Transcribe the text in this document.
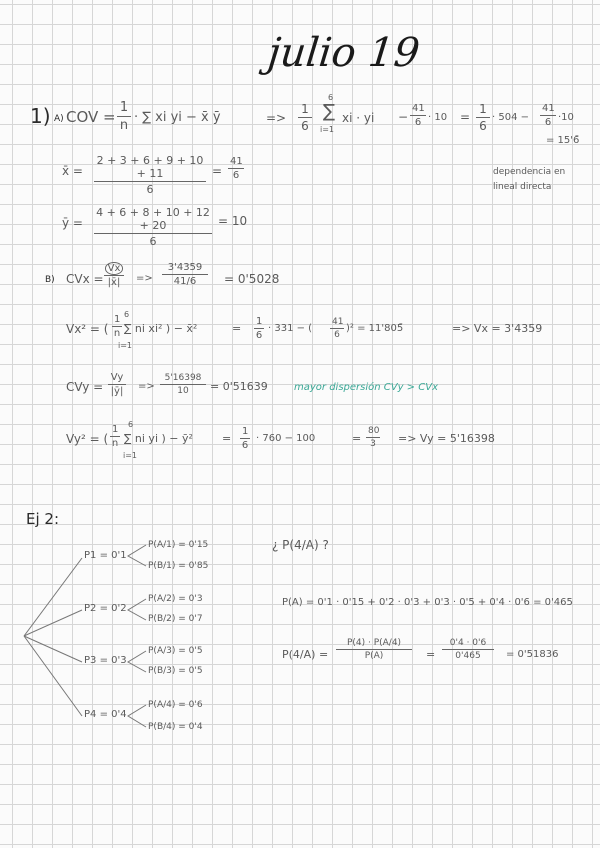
julio 19
1) A) COV =
1
n
· ∑ xi yi − x̄ ȳ	=>
1
6
6
∑
i=1
xi · yi −
41
6 · 10 =
1
6
· 504 −
41
6 ·10
= 15'6̄
x̄ =
2 + 3 + 6 + 9 + 10 + 11
6
=
41
6	dependencia en
lineal directa
ȳ =
4 + 6 + 8 + 10 + 12 + 20
6
= 10
B) CVx = $\frac{Vx}{|x̄|}$ =>
3'4359
41/6	= 0'5028
Vx² = (
1
n
6
i=1
∑ ni xi² ) − x̄²	=
1
6
· 331 − (
41
6
)² = 11'805̄	=> Vx = 3'4359
CVy =
Vy
|ȳ| =>
5'16398
10	= 0'51639	mayor dispersión CVy > CVx
Vy² = (
1
n
6
i=1
∑ ni yi ) − ȳ²	=
1
6
· 760 − 100	=
80
3	=> Vy = 5'16398
Ej 2:
¿ P(4/A) ?
P1 = 0'1
P(A/1) = 0'15
P(B/1) = 0'85
P2 = 0'2
P(A/2) = 0'3
P(B/2) = 0'7
P3 = 0'3
P(A/3) = 0'5
P(B/3) = 0'5
P4 = 0'4
P(A/4) = 0'6
P(B/4) = 0'4
P(A) = 0'1 · 0'15 + 0'2 · 0'3 + 0'3 · 0'5 + 0'4 · 0'6 = 0'465
P(4/A) =
P(4) · P(A/4)
P(A)	=
0'4 · 0'6
0'465	= 0'51836
